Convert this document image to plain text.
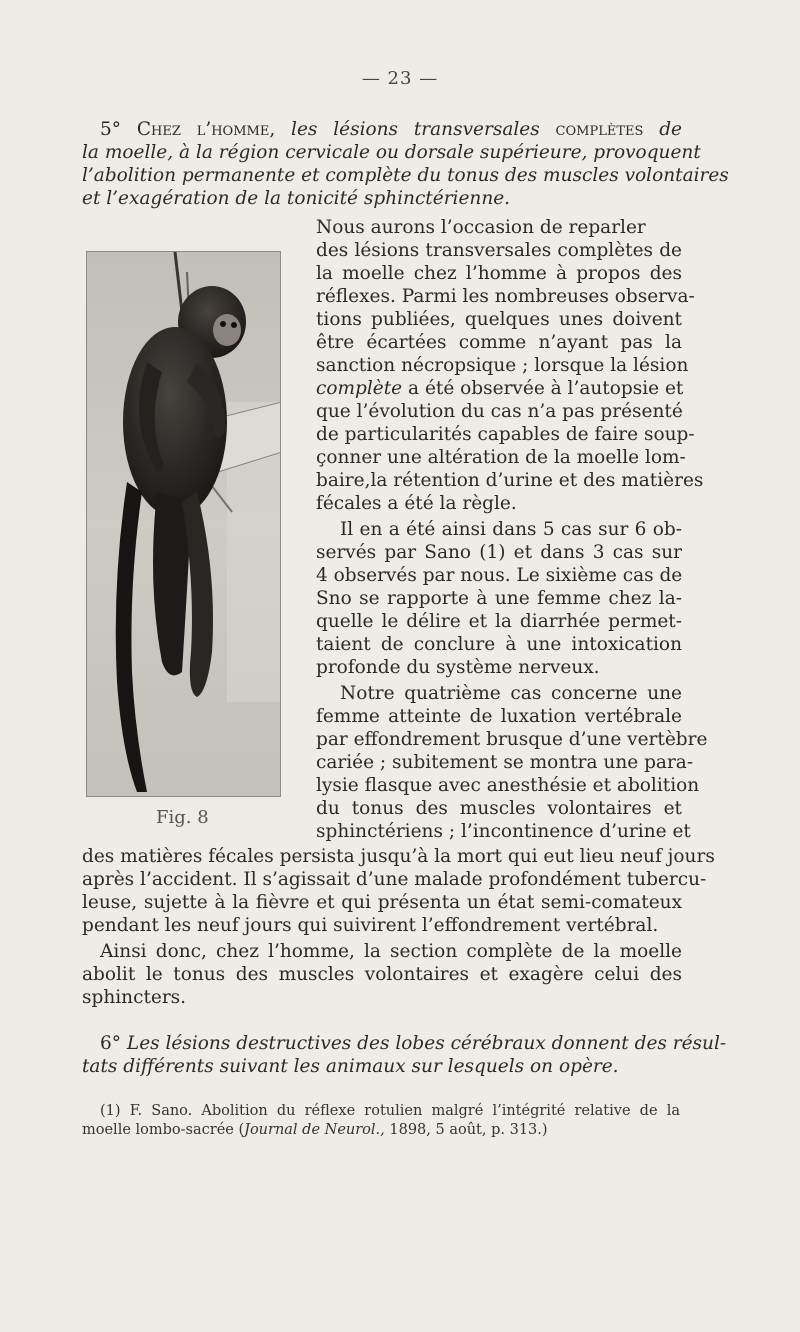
— 23 —
5° Chez l’homme, les lésions transversales complètes de
la moelle, à la région cervicale ou dorsale supérieure, provoquent
l’abolition permanente et complète du tonus des muscles volontaires
et l’exagération de la tonicité sphinctérienne.
Nous aurons l’occasion de reparler
des lésions transversales complètes de
la moelle chez l’homme à propos des
réflexes. Parmi les nombreuses observa-
tions publiées, quelques unes doivent
être écartées comme n’ayant pas la
sanction nécropsique ; lorsque la lésion
complète a été observée à l’autopsie et
que l’évolution du cas n’a pas présenté
de particularités capables de faire soup-
çonner une altération de la moelle lom-
baire,la rétention d’urine et des matières
fécales a été la règle.
Il en a été ainsi dans 5 cas sur 6 ob-
servés par Sano (1) et dans 3 cas sur
4 observés par nous. Le sixième cas de
Sno se rapporte à une femme chez la-
quelle le délire et la diarrhée permet-
taient de conclure à une intoxication
profonde du système nerveux.
Notre quatrième cas concerne une
femme atteinte de luxation vertébrale
par effondrement brusque d’une vertèbre
cariée ; subitement se montra une para-
lysie flasque avec anesthésie et abolition
du tonus des muscles volontaires et
sphinctériens ; l’incontinence d’urine et
Fig. 8
des matières fécales persista jusqu’à la mort qui eut lieu neuf jours
après l’accident. Il s’agissait d’une malade profondément tubercu-
leuse, sujette à la fièvre et qui présenta un état semi-comateux
pendant les neuf jours qui suivirent l’effondrement vertébral.
Ainsi donc, chez l’homme, la section complète de la moelle
abolit le tonus des muscles volontaires et exagère celui des
sphincters.
6° Les lésions destructives des lobes cérébraux donnent des résul-
tats différents suivant les animaux sur lesquels on opère.
(1) F. Sano. Abolition du réflexe rotulien malgré l’intégrité relative de la
moelle lombo-sacrée (Journal de Neurol., 1898, 5 août, p. 313.)
